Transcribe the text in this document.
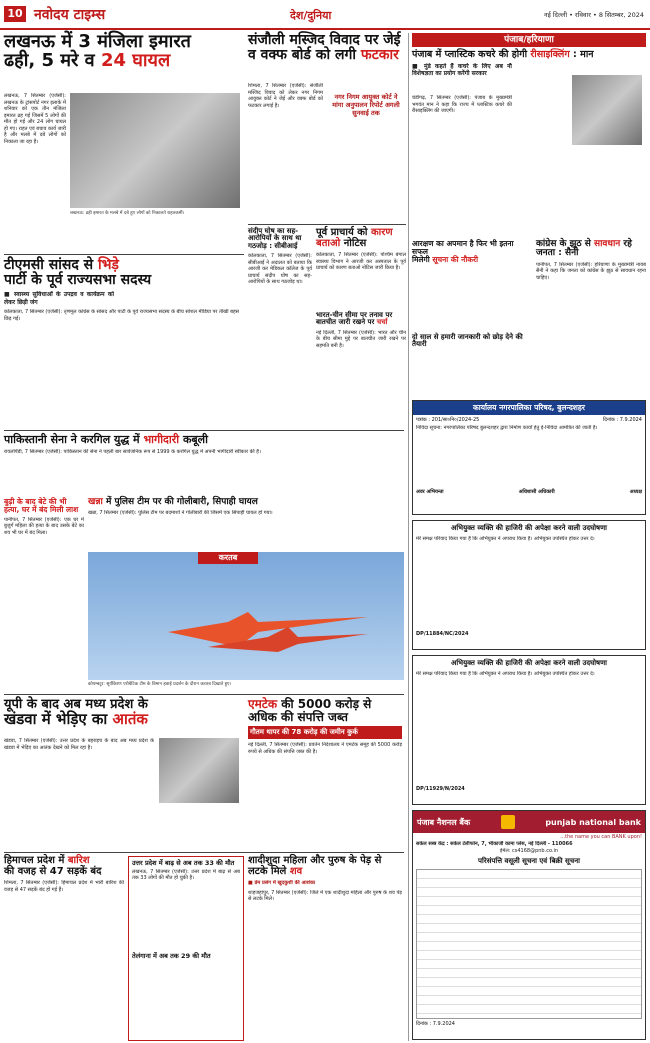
10 नवोदय टाइम्स	देश/दुनिया	नई दिल्ली • रविवार • 8 सितम्बर, 2024
लखनऊ में 3 मंजिला इमारत
ढही, 5 मरे व 24 घायल
लखनऊ, 7 सितम्बर (एजेंसी): लखनऊ के ट्रांसपोर्ट नगर इलाके में शनिवार को एक तीन मंजिला इमारत ढह गई जिसमें 5 लोगों की मौत हो गई और 24 लोग घायल हो गए। राहत एवं बचाव कार्य जारी है और मलबे में दबे लोगों को निकाला जा रहा है।
लखनऊ: ढही इमारत के मलबे में दबे हुए लोगों को निकालते राहतकर्मी।
टीएमसी सांसद से भिड़े
पार्टी के पूर्व राज्यसभा सदस्य
■ स्वास्थ्य सुविधाओं के उपद्रव व कार्यक्रम को लेकर छिड़ी जंग
कोलकाता, 7 सितम्बर (एजेंसी): तृणमूल कांग्रेस के सांसद और पार्टी के पूर्व राज्यसभा सदस्य के बीच सोशल मीडिया पर तीखी बहस छिड़ गई।
संजौली मस्जिद विवाद पर जेई
व वक्फ बोर्ड को लगी फटकार
शिमला, 7 सितम्बर (एजेंसी): संजौली मस्जिद विवाद को लेकर नगर निगम आयुक्त कोर्ट ने जेई और वक्फ बोर्ड को फटकार लगाई है।
नगर निगम आयुक्त कोर्ट ने मांगा अनुपालन रिपोर्ट अगली सुनवाई तक
संदीप घोष का सह-आरोपियों के साथ था गठजोड़ : सीबीआई
कोलकाता, 7 सितम्बर (एजेंसी): सीबीआई ने अदालत को बताया कि आरजी कर मेडिकल कॉलेज के पूर्व प्राचार्य संदीप घोष का सह-आरोपियों के साथ गठजोड़ था।
पूर्व प्राचार्य को कारण बताओ नोटिस
कोलकाता, 7 सितम्बर (एजेंसी): पश्चिम बंगाल स्वास्थ्य विभाग ने आरजी कर अस्पताल के पूर्व प्राचार्य को कारण बताओ नोटिस जारी किया है।
भारत-चीन सीमा पर तनाव पर बातचीत जारी रखने पर चर्चा
नई दिल्ली, 7 सितम्बर (एजेंसी): भारत और चीन के बीच सीमा मुद्दे पर बातचीत जारी रखने पर सहमति बनी है।
पाकिस्तानी सेना ने करगिल युद्ध में भागीदारी कबूली
रावलपिंडी, 7 सितम्बर (एजेंसी): पाकिस्तान की सेना ने पहली बार सार्वजनिक रूप से 1999 के करगिल युद्ध में अपनी भागीदारी स्वीकार की है।
बुढ़ी के बाद बेटे की भी हत्या, घर में बंद मिली लाश
पानीपत, 7 सितम्बर (एजेंसी): एक घर में बुजुर्ग महिला की हत्या के बाद उसके बेटे का शव भी घर में बंद मिला।
खन्ना में पुलिस टीम पर की गोलीबारी, सिपाही घायल
खन्ना, 7 सितम्बर (एजेंसी): पुलिस टीम पर बदमाशों ने गोलीबारी की जिसमें एक सिपाही घायल हो गया।
करतब
कोयम्बटूर: सूर्यकिरण एरोबेटिक टीम के विमान हवाई प्रदर्शन के दौरान करतब दिखाते हुए।
यूपी के बाद अब मध्य प्रदेश के
खंडवा में भेड़िए का आतंक
खंडवा, 7 सितम्बर (एजेंसी): उत्तर प्रदेश के बहराइच के बाद अब मध्य प्रदेश के खंडवा में भेड़िए का आतंक देखने को मिल रहा है।
एमटेक की 5000 करोड़ से अधिक की संपत्ति जब्त
गौतम थापर की 78 करोड़ की जमीन कुर्क
नई दिल्ली, 7 सितम्बर (एजेंसी): प्रवर्तन निदेशालय ने एमटेक समूह की 5000 करोड़ रुपये से अधिक की संपत्ति जब्त की है।
हिमाचल प्रदेश में बारिश
की वजह से 47 सड़कें बंद
शिमला, 7 सितम्बर (एजेंसी): हिमाचल प्रदेश में भारी बारिश की वजह से 47 सड़कें बंद हो गई हैं।
उत्तर प्रदेश में बाढ़ से अब तक 33 की मौत
लखनऊ, 7 सितम्बर (एजेंसी): उत्तर प्रदेश में बाढ़ से अब तक 33 लोगों की मौत हो चुकी है।
तेलंगाना में अब तक 29 की मौत
शादीशुदा महिला और पुरुष के पेड़ से लटके मिले शव
■ प्रेम प्रसंग में खुदकुशी की आशंका
शाहजहांपुर, 7 सितम्बर (एजेंसी): जिले में एक शादीशुदा महिला और पुरुष के शव पेड़ से लटके मिले।
पंजाब/हरियाणा
पंजाब में प्लास्टिक कचरे की होगी रीसाइक्लिंग : मान
■ मुंडे कहते हैं कचरे के लिए अब नौ विशेषज्ञता का प्रयोग करेंगी सरकार
चंडीगढ़, 7 सितम्बर (एजेंसी): पंजाब के मुख्यमंत्री भगवंत मान ने कहा कि राज्य में प्लास्टिक कचरे की रीसाइक्लिंग की जाएगी।
आरक्षण का अपमान है फिर भी इतना सफल
मिलेगी सूचना की नौकरी
दो साल से हमारी जानकारी को छोड़ देने की तैयारी
कांग्रेस के झूठ से सावधान रहे जनता : सैनी
पानीपत, 7 सितम्बर (एजेंसी): हरियाणा के मुख्यमंत्री नायब सैनी ने कहा कि जनता को कांग्रेस के झूठ से सावधान रहना चाहिए।
कार्यालय नगरपालिका परिषद, बुलन्दशहर
पत्रांक : 201/सा०नि०/2024-25	दिनांक : 7.9.2024
निविदा सूचना: नगरपालिका परिषद बुलन्दशहर द्वारा निर्माण कार्यों हेतु ई-निविदा आमंत्रित की जाती है।
अवर अभियन्ता	अधिशासी अधिकारी	अध्यक्ष
अभियुक्त व्यक्ति की हाजिरी की अपेक्षा करने वाली उदघोषणा
मेरे समक्ष परिवाद किया गया है कि अभियुक्त ने अपराध किया है। अभियुक्त उपस्थित होकर उत्तर दे।
DP/11884/NC/2024
अभियुक्त व्यक्ति की हाजिरी की अपेक्षा करने वाली उदघोषणा
मेरे समक्ष परिवाद किया गया है कि अभियुक्त ने अपराध किया है। अभियुक्त उपस्थित होकर उत्तर दे।
DP/11929/N/2024
पंजाब नैशनल बैंक	punjab national bank
...the name you can BANK upon!
सर्कल सस्त्र केंद्र : सर्कल टेलीफोन, 7, भीकाजी कामा प्लेस, नई दिल्ली - 110066
ईमेल: cs4168@pnb.co.in
परिसंपत्ति वसूली सूचना एवं बिक्री सूचना
दिनांक : 7.9.2024
